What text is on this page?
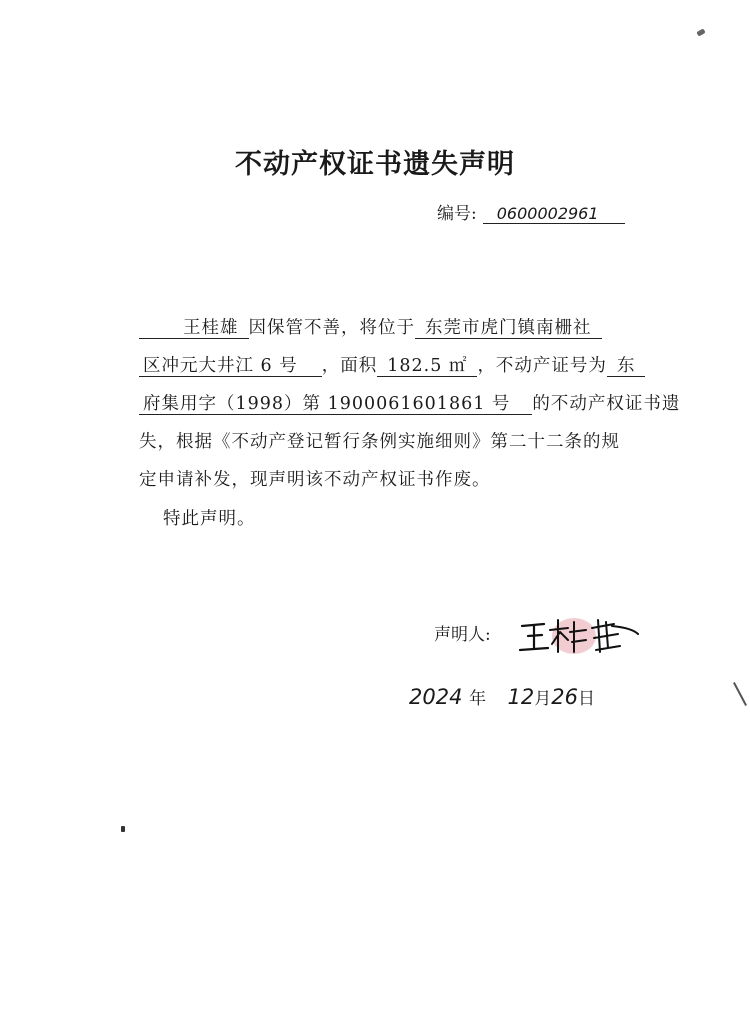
不动产权证书遗失声明
编号: 0600002961
王桂雄 因保管不善，将位于 东莞市虎门镇南栅社
区冲元大井江 6 号 ，面积 182.5 ㎡ ，不动产证号为 东
府集用字（1998）第 1900061601861 号 的不动产权证书遗
失，根据《不动产登记暂行条例实施细则》第二十二条的规
定申请补发，现声明该不动产权证书作废。
特此声明。
声明人:
2024 年 12月26日
